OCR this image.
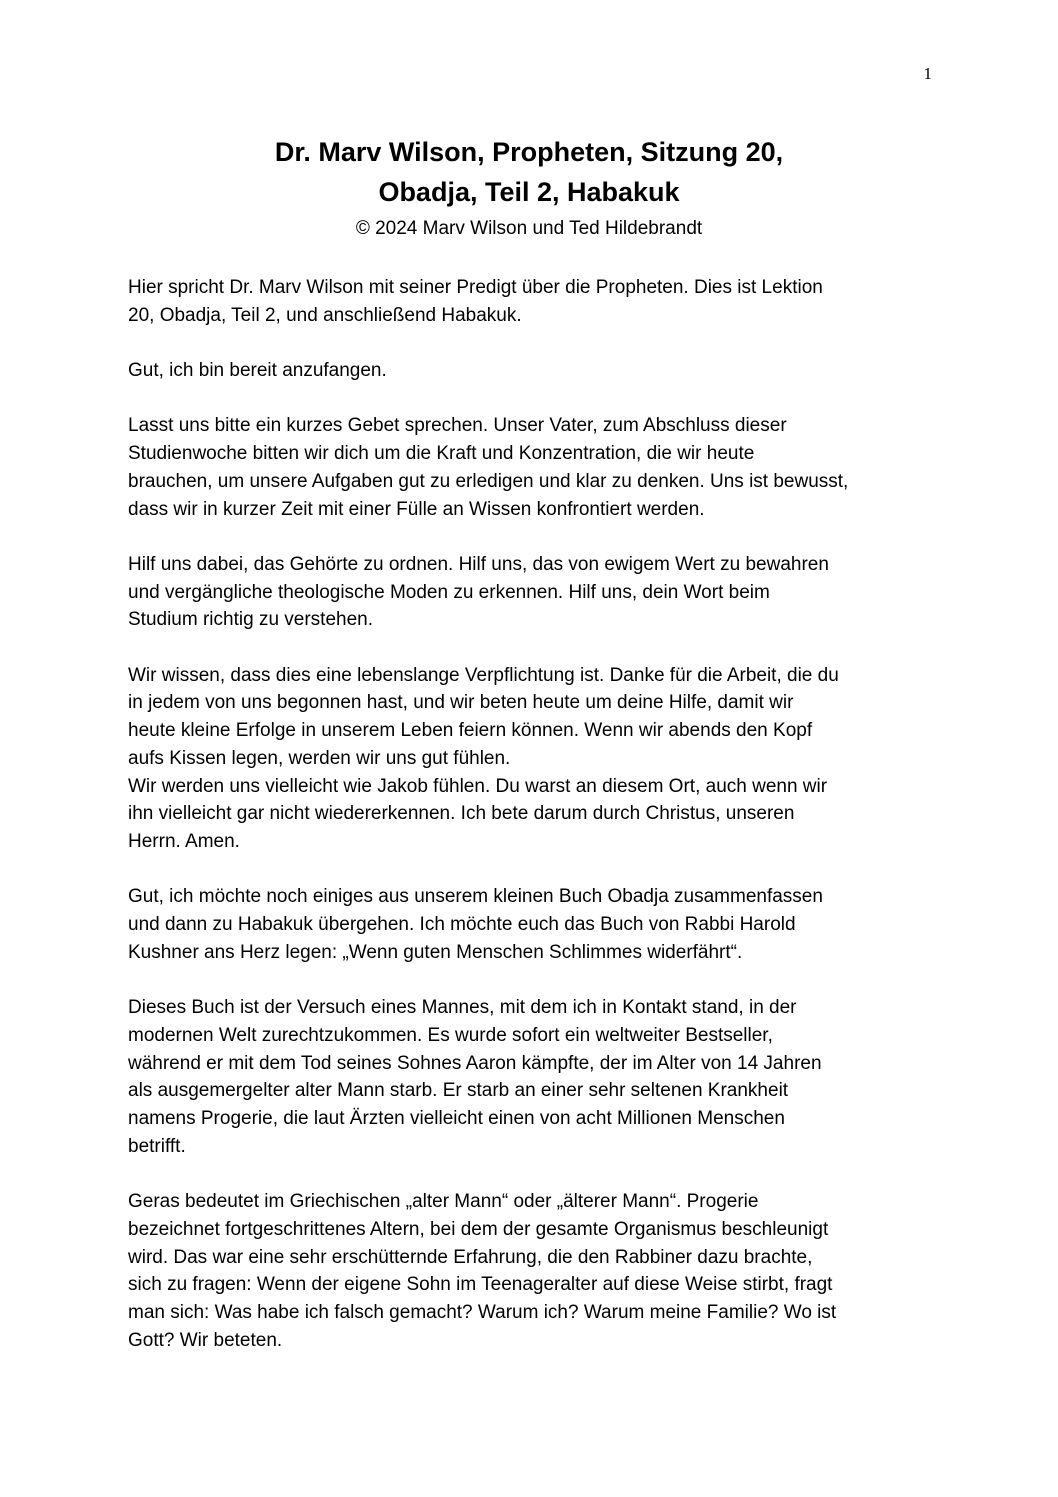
1
Dr. Marv Wilson, Propheten, Sitzung 20,
Obadja, Teil 2, Habakuk
© 2024 Marv Wilson und Ted Hildebrandt

Hier spricht Dr. Marv Wilson mit seiner Predigt über die Propheten. Dies ist Lektion
20, Obadja, Teil 2, und anschließend Habakuk.

Gut, ich bin bereit anzufangen.

Lasst uns bitte ein kurzes Gebet sprechen. Unser Vater, zum Abschluss dieser
Studienwoche bitten wir dich um die Kraft und Konzentration, die wir heute
brauchen, um unsere Aufgaben gut zu erledigen und klar zu denken. Uns ist bewusst,
dass wir in kurzer Zeit mit einer Fülle an Wissen konfrontiert werden.

Hilf uns dabei, das Gehörte zu ordnen. Hilf uns, das von ewigem Wert zu bewahren
und vergängliche theologische Moden zu erkennen. Hilf uns, dein Wort beim
Studium richtig zu verstehen.

Wir wissen, dass dies eine lebenslange Verpflichtung ist. Danke für die Arbeit, die du
in jedem von uns begonnen hast, und wir beten heute um deine Hilfe, damit wir
heute kleine Erfolge in unserem Leben feiern können. Wenn wir abends den Kopf
aufs Kissen legen, werden wir uns gut fühlen.

Wir werden uns vielleicht wie Jakob fühlen. Du warst an diesem Ort, auch wenn wir
ihn vielleicht gar nicht wiedererkennen. Ich bete darum durch Christus, unseren
Herrn. Amen.

Gut, ich möchte noch einiges aus unserem kleinen Buch Obadja zusammenfassen
und dann zu Habakuk übergehen. Ich möchte euch das Buch von Rabbi Harold
Kushner ans Herz legen: „Wenn guten Menschen Schlimmes widerfährt“.

Dieses Buch ist der Versuch eines Mannes, mit dem ich in Kontakt stand, in der
modernen Welt zurechtzukommen. Es wurde sofort ein weltweiter Bestseller,
während er mit dem Tod seines Sohnes Aaron kämpfte, der im Alter von 14 Jahren
als ausgemergelter alter Mann starb. Er starb an einer sehr seltenen Krankheit
namens Progerie, die laut Ärzten vielleicht einen von acht Millionen Menschen
betrifft.

Geras bedeutet im Griechischen „alter Mann“ oder „älterer Mann“. Progerie
bezeichnet fortgeschrittenes Altern, bei dem der gesamte Organismus beschleunigt
wird. Das war eine sehr erschütternde Erfahrung, die den Rabbiner dazu brachte,
sich zu fragen: Wenn der eigene Sohn im Teenageralter auf diese Weise stirbt, fragt
man sich: Was habe ich falsch gemacht? Warum ich? Warum meine Familie? Wo ist
Gott? Wir beteten.
